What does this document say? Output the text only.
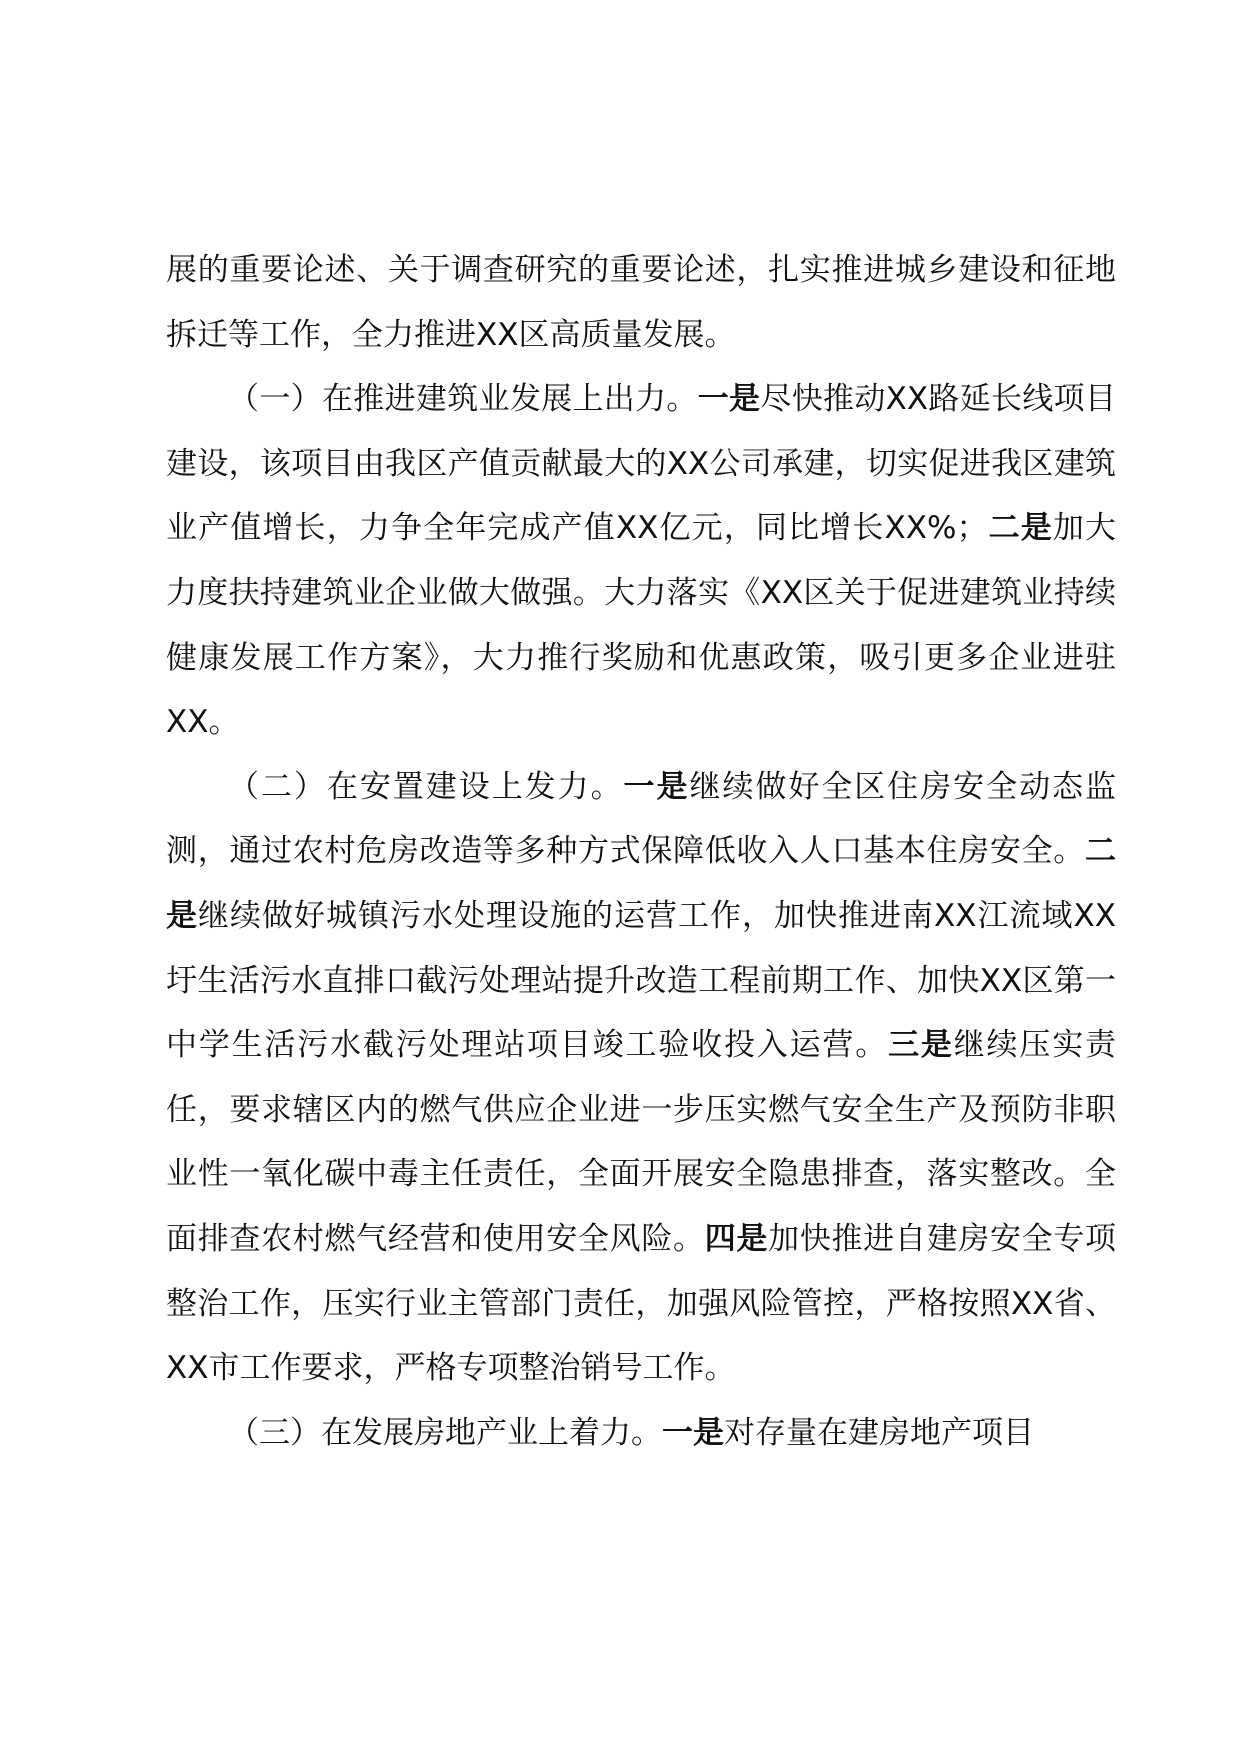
展的重要论述、关于调查研究的重要论述，扎实推进城乡建设和征地拆迁等工作，全力推进XX区高质量发展。

（一）在推进建筑业发展上出力。一是尽快推动XX路延长线项目建设，该项目由我区产值贡献最大的XX公司承建，切实促进我区建筑业产值增长，力争全年完成产值XX亿元，同比增长XX%；二是加大力度扶持建筑业企业做大做强。大力落实《XX区关于促进建筑业持续健康发展工作方案》，大力推行奖励和优惠政策，吸引更多企业进驻XX。

（二）在安置建设上发力。一是继续做好全区住房安全动态监测，通过农村危房改造等多种方式保障低收入人口基本住房安全。二是继续做好城镇污水处理设施的运营工作，加快推进南XX江流域XX圩生活污水直排口截污处理站提升改造工程前期工作、加快XX区第一中学生活污水截污处理站项目竣工验收投入运营。三是继续压实责任，要求辖区内的燃气供应企业进一步压实燃气安全生产及预防非职业性一氧化碳中毒主任责任，全面开展安全隐患排查，落实整改。全面排查农村燃气经营和使用安全风险。四是加快推进自建房安全专项整治工作，压实行业主管部门责任，加强风险管控，严格按照XX省、XX市工作要求，严格专项整治销号工作。

（三）在发展房地产业上着力。一是对存量在建房地产项目
